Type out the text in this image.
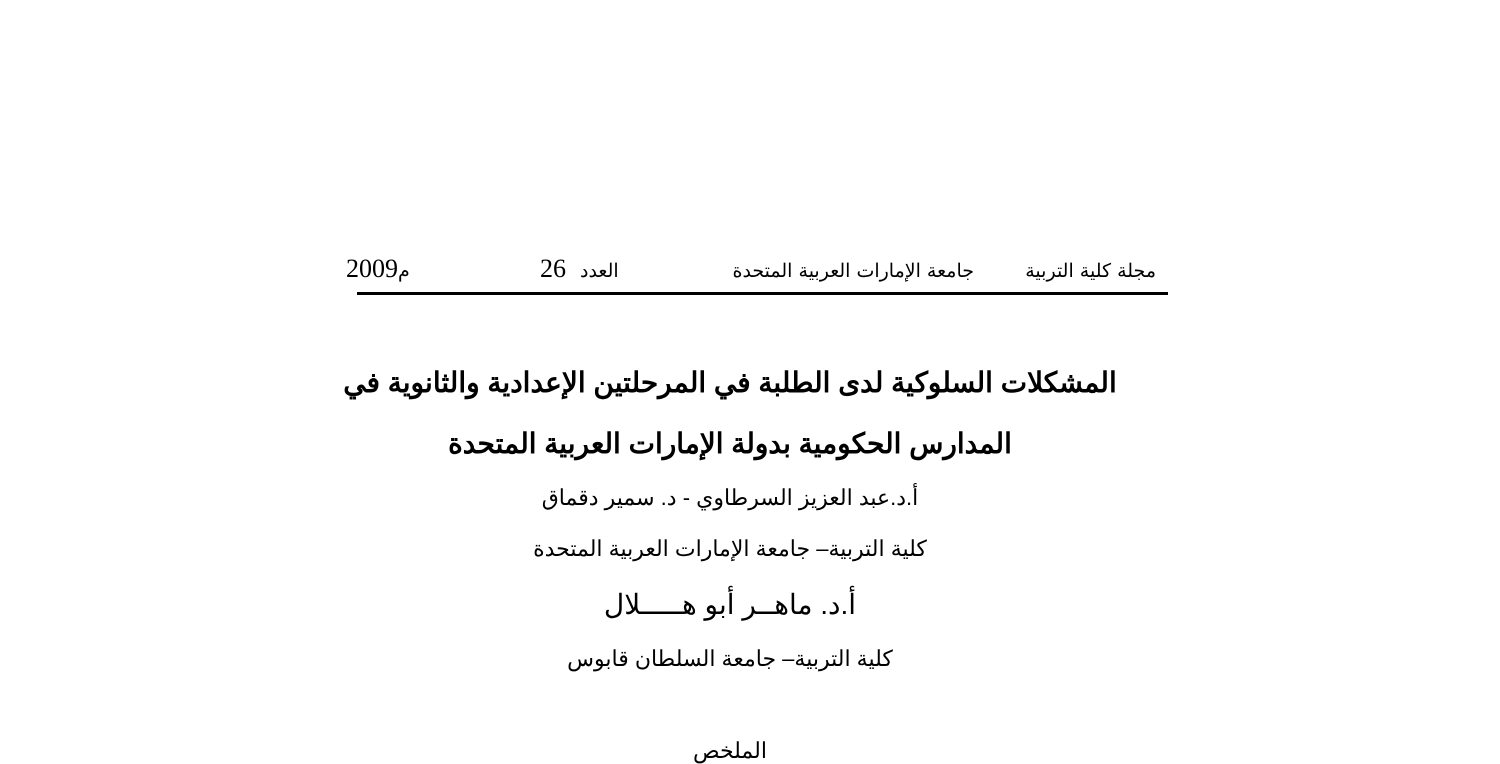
مجلة كلية التربية
جامعة الإمارات العربية المتحدة
26 العدد
م2009
المشكلات السلوكية لدى الطلبة في المرحلتين الإعدادية والثانوية في
المدارس الحكومية بدولة الإمارات العربية المتحدة
أ.د.عبد العزيز السرطاوي - د. سمير دقماق
كلية التربية– جامعة الإمارات العربية المتحدة
أ.د. ماهــر أبو هـــــلال
كلية التربية– جامعة السلطان قابوس
الملخص
